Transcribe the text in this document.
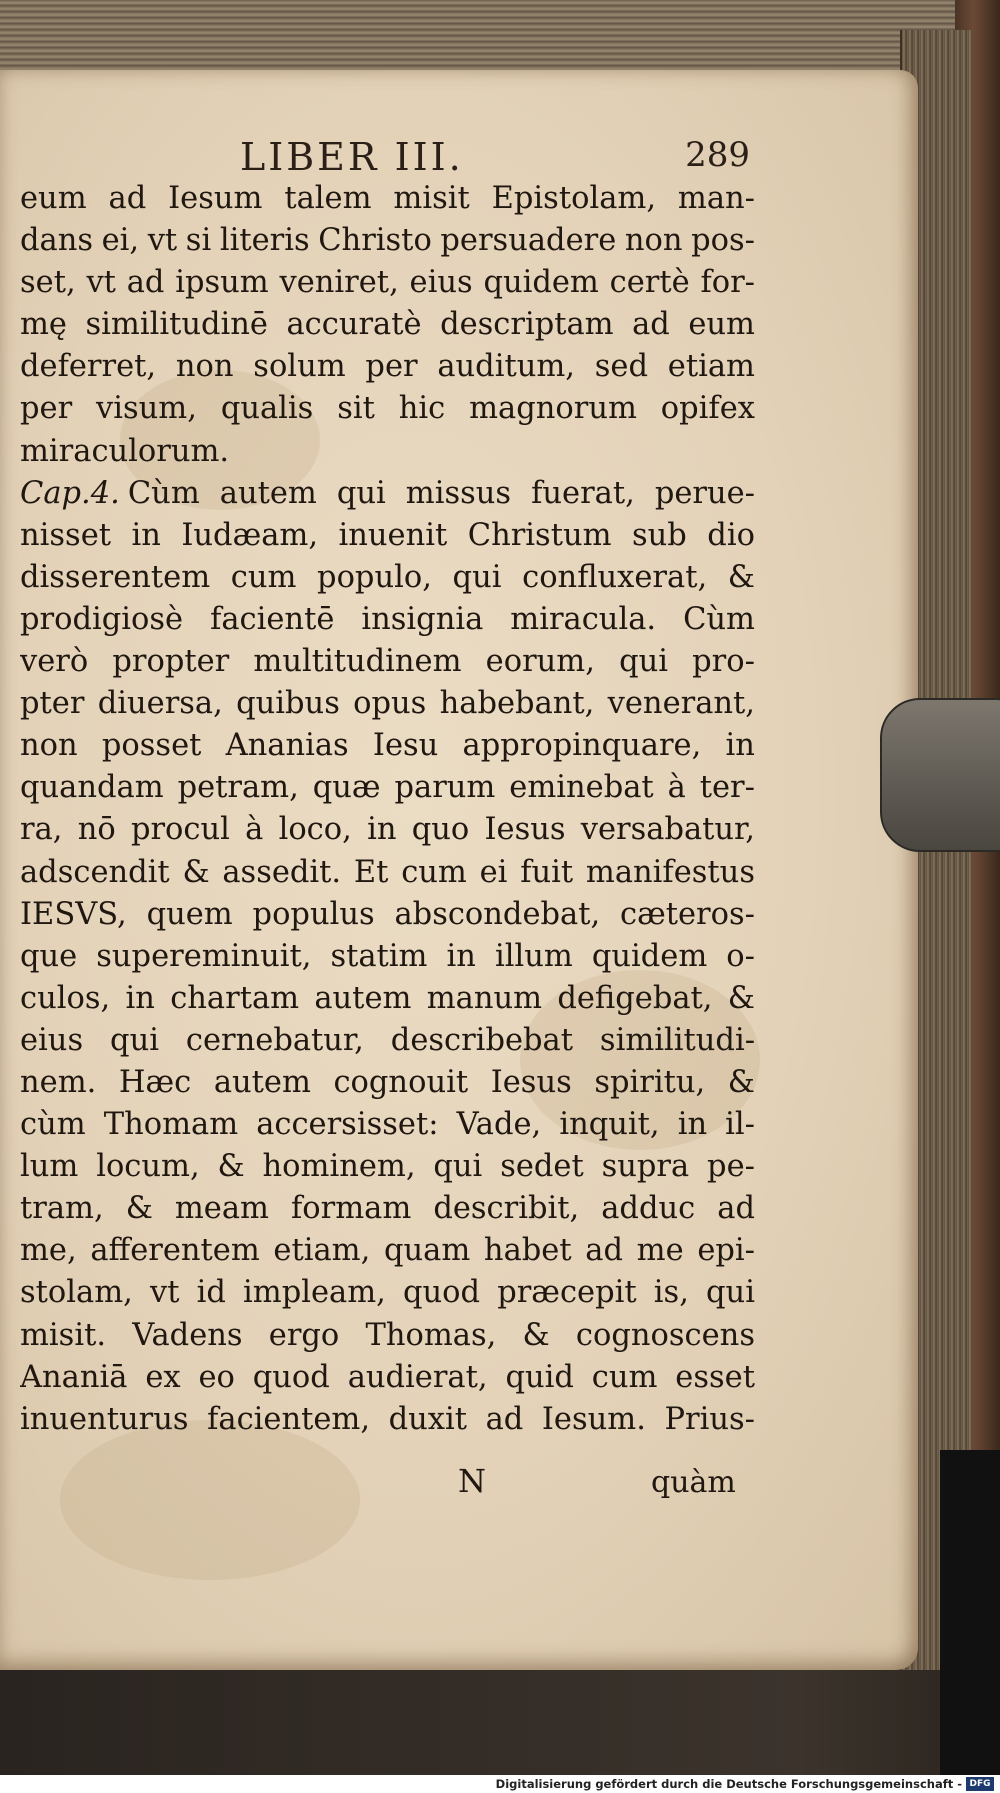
LIBER III.	289
eum ad Iesum talem misit Epistolam, man-
dans ei, vt si literis Christo persuadere non pos-
set, vt ad ipsum veniret, eius quidem certè for-
mę similitudinē accuratè descriptam ad eum
deferret, non solum per auditum, sed etiam
per visum, qualis sit hic magnorum opifex
miraculorum.
Cap.4. Cùm autem qui missus fuerat, perue-
nisset in Iudæam, inuenit Christum sub dio
disserentem cum populo, qui confluxerat, &
prodigiosè facientē insignia miracula. Cùm
verò propter multitudinem eorum, qui pro-
pter diuersa, quibus opus habebant, venerant,
non posset Ananias Iesu appropinquare, in
quandam petram, quæ parum eminebat à ter-
ra, nō procul à loco, in quo Iesus versabatur,
adscendit & assedit. Et cum ei fuit manifestus
IESVS, quem populus abscondebat, cæteros-
que supereminuit, statim in illum quidem o-
culos, in chartam autem manum defigebat, &
eius qui cernebatur, describebat similitudi-
nem. Hæc autem cognouit Iesus spiritu, &
cùm Thomam accersisset: Vade, inquit, in il-
lum locum, & hominem, qui sedet supra pe-
tram, & meam formam describit, adduc ad
me, afferentem etiam, quam habet ad me epi-
stolam, vt id impleam, quod præcepit is, qui
misit. Vadens ergo Thomas, & cognoscens
Ananiā ex eo quod audierat, quid cum esset
inuenturus facientem, duxit ad Iesum. Prius-
N	quàm
Digitalisierung gefördert durch die Deutsche Forschungsgemeinschaft - DFG
